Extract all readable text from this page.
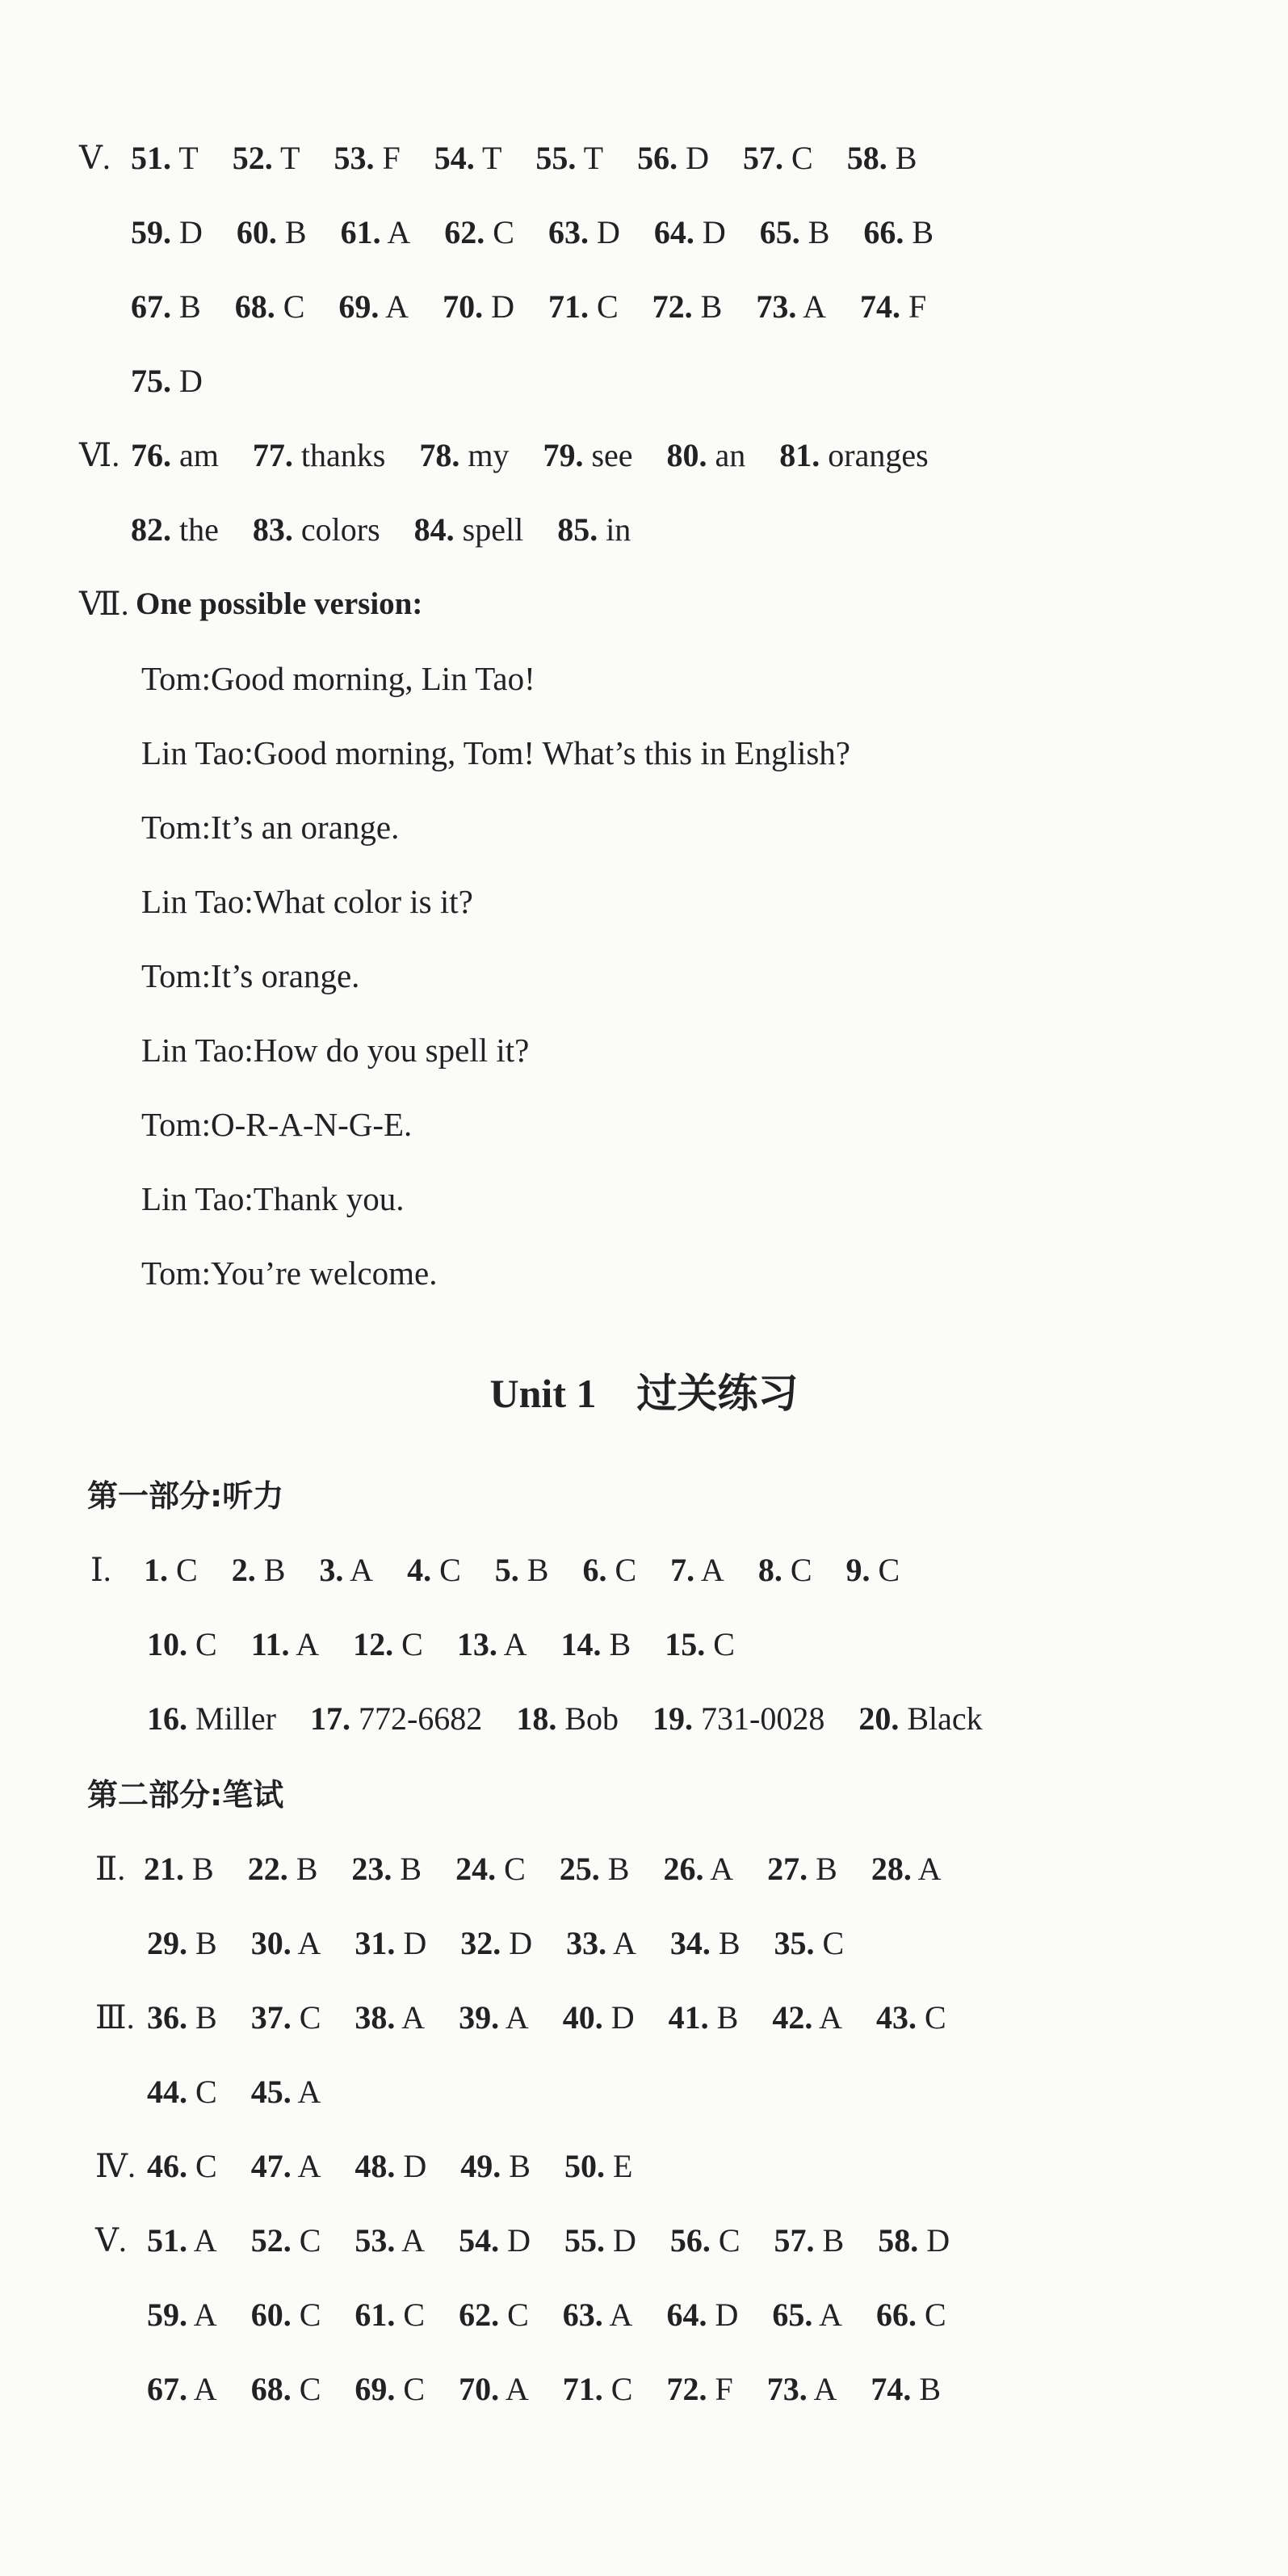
Ⅴ. 51. T 52. T 53. F 54. T 55. T 56. D 57. C 58. B
59. D 60. B 61. A 62. C 63. D 64. D 65. B 66. B
67. B 68. C 69. A 70. D 71. C 72. B 73. A 74. F
75. D
Ⅵ. 76. am 77. thanks 78. my 79. see 80. an 81. oranges
82. the 83. colors 84. spell 85. in
Ⅶ. One possible version:
Tom:Good morning, Lin Tao!
Lin Tao:Good morning, Tom! What’s this in English?
Tom:It’s an orange.
Lin Tao:What color is it?
Tom:It’s orange.
Lin Tao:How do you spell it?
Tom:O-R-A-N-G-E.
Lin Tao:Thank you.
Tom:You’re welcome.
Unit 1 过关练习
第一部分:听力
Ⅰ. 1. C 2. B 3. A 4. C 5. B 6. C 7. A 8. C 9. C
10. C 11. A 12. C 13. A 14. B 15. C
16. Miller 17. 772-6682 18. Bob 19. 731-0028 20. Black
第二部分:笔试
Ⅱ. 21. B 22. B 23. B 24. C 25. B 26. A 27. B 28. A
29. B 30. A 31. D 32. D 33. A 34. B 35. C
Ⅲ. 36. B 37. C 38. A 39. A 40. D 41. B 42. A 43. C
44. C 45. A
Ⅳ. 46. C 47. A 48. D 49. B 50. E
Ⅴ. 51. A 52. C 53. A 54. D 55. D 56. C 57. B 58. D
59. A 60. C 61. C 62. C 63. A 64. D 65. A 66. C
67. A 68. C 69. C 70. A 71. C 72. F 73. A 74. B
